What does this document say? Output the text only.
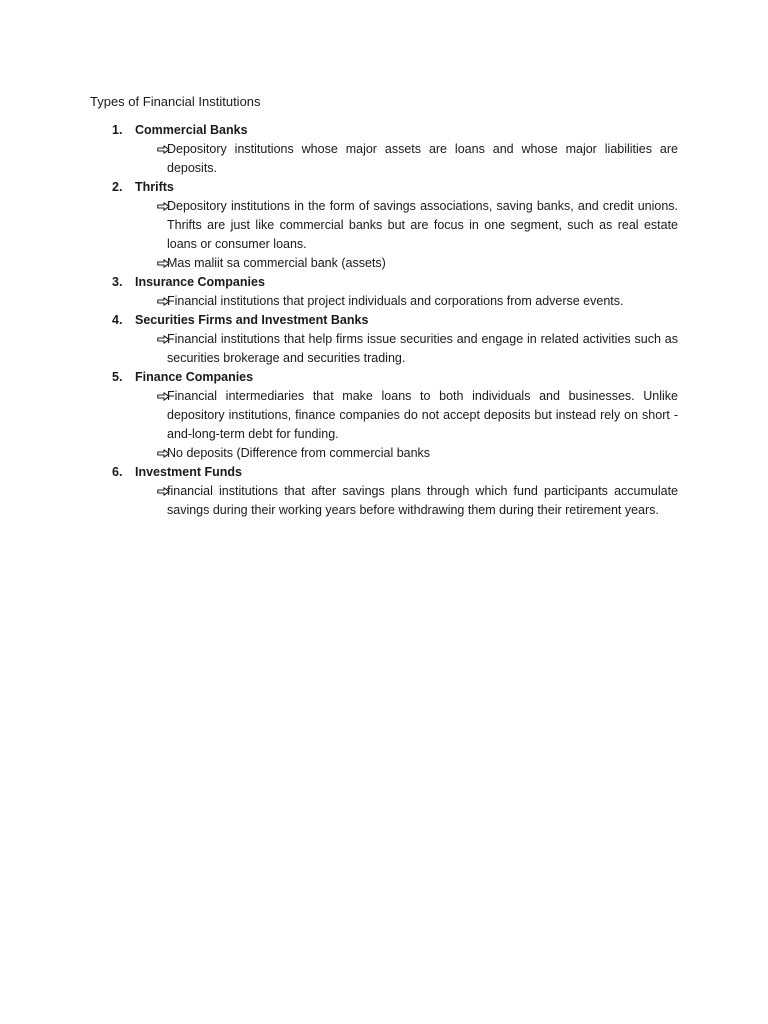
Types of Financial Institutions
1. Commercial Banks
Depository institutions whose major assets are loans and whose major liabilities are deposits.
2. Thrifts
Depository institutions in the form of savings associations, saving banks, and credit unions. Thrifts are just like commercial banks but are focus in one segment, such as real estate loans or consumer loans.
Mas maliit sa commercial bank (assets)
3. Insurance Companies
Financial institutions that project individuals and corporations from adverse events.
4. Securities Firms and Investment Banks
Financial institutions that help firms issue securities and engage in related activities such as securities brokerage and securities trading.
5. Finance Companies
Financial intermediaries that make loans to both individuals and businesses. Unlike depository institutions, finance companies do not accept deposits but instead rely on short -and-long-term debt for funding.
No deposits (Difference from commercial banks
6. Investment Funds
financial institutions that after savings plans through which fund participants accumulate savings during their working years before withdrawing them during their retirement years.
